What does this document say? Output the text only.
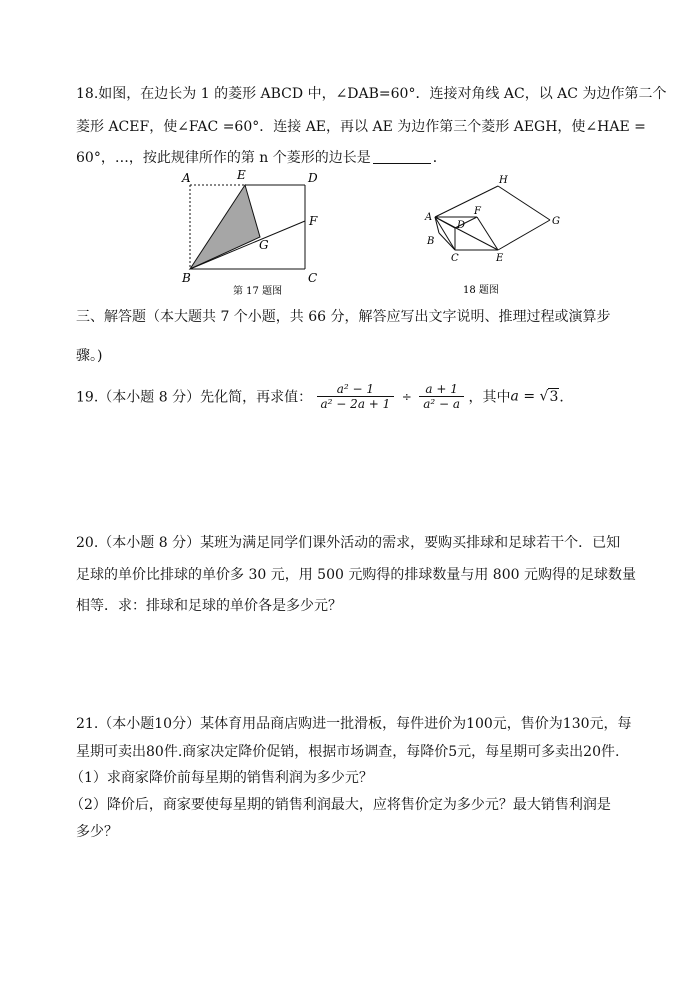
18.如图，在边长为 1 的菱形 ABCD 中，∠DAB=60°．连接对角线 AC，以 AC 为边作第二个
菱形 ACEF，使∠FAC =60°．连接 AE，再以 AE 为边作第三个菱形 AEGH，使∠HAE =
60°，…，按此规律所作的第 n 个菱形的边长是	．
A	E	D
F
G
B	C
第 17 题图
H
A
F
D	G
B
C	E
18 题图
三、解答题（本大题共 7 个小题，共 66 分，解答应写出文字说明、推理过程或演算步
骤。)
19.（本小题 8 分）先化简，再求值： $\frac{\text{a² − 1}}{\text{a² − 2a + 1}} \div \frac{a + 1}{\text{a² − a}}$ ，其中a = √3．
20.（本小题 8 分）某班为满足同学们课外活动的需求，要购买排球和足球若干个．已知
足球的单价比排球的单价多 30 元，用 500 元购得的排球数量与用 800 元购得的足球数量
相等．求：排球和足球的单价各是多少元？
21.（本小题10分）某体育用品商店购进一批滑板，每件进价为100元，售价为130元，每
星期可卖出80件.商家决定降价促销，根据市场调查，每降价5元，每星期可多卖出20件.
（1）求商家降价前每星期的销售利润为多少元？
（2）降价后，商家要使每星期的销售利润最大，应将售价定为多少元？最大销售利润是
多少？
